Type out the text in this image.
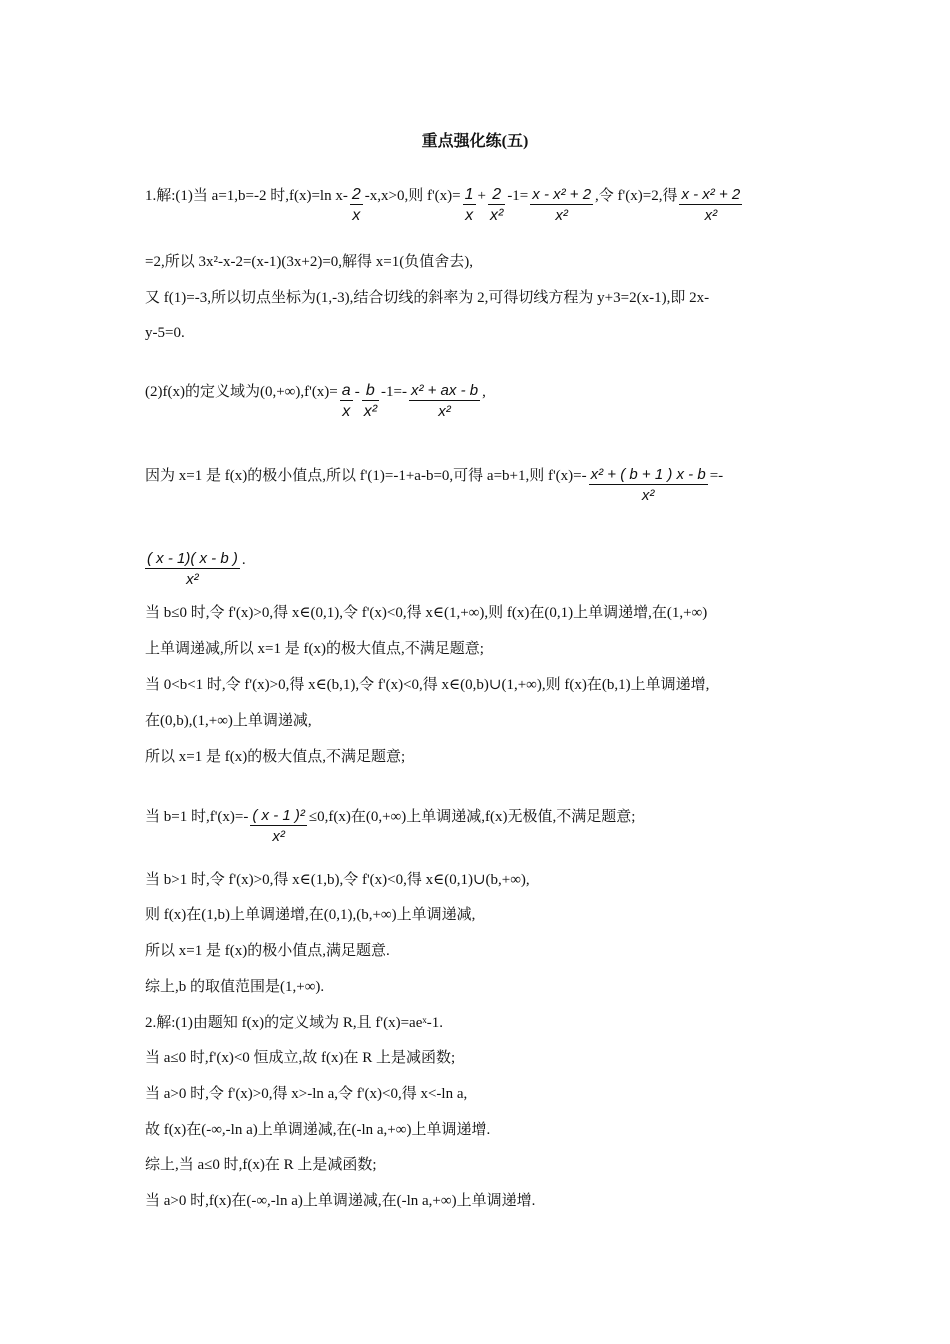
重点强化练(五)
1.解:(1)当 a=1,b=-2 时,f(x)=ln $x- \frac{2}{x} -x,x>0$,则 $f'(x)= \frac{1}{x} + \frac{2}{\text{x²}} -1= \frac{\text{x - x² + 2}}{\text{x²}}$ ,令 f'(x)=2,得 $\frac{\text{x - x² + 2}}{\text{x²}}$
=2,所以 3x²-x-2=(x-1)(3x+2)=0,解得 x=1(负值舍去),
又 f(1)=-3,所以切点坐标为(1,-3),结合切线的斜率为 2,可得切线方程为 y+3=2(x-1),即 2x-
y-5=0.
(2)f(x)的定义域为$(0,+\infty),f'(x)= \frac{a}{x} - \frac{b}{\text{x²}} -1=- \frac{\text{x² + ax - b}}{\text{x²}}$ ,
因为 x=1 是 f(x)的极小值点,所以 f'(1)=-1+a-b=0,可得 a=b+1,则 $f'(x)=- \frac{\text{x² + ( b + 1 ) x - b}}{\text{x²}}$ =-
$\frac{( x - 1)( x - b )}{\text{x²}}$ .
当 b≤0 时,令 f'(x)>0,得 x∈(0,1),令 f'(x)<0,得 x∈(1,+∞),则 f(x)在(0,1)上单调递增,在(1,+∞)
上单调递减,所以 x=1 是 f(x)的极大值点,不满足题意;
当 0<b<1 时,令 f'(x)>0,得 x∈(b,1),令 f'(x)<0,得 x∈(0,b)∪(1,+∞),则 f(x)在(b,1)上单调递增,
在(0,b),(1,+∞)上单调递减,
所以 x=1 是 f(x)的极大值点,不满足题意;
当 b=1 时$,f'(x)=- \frac{\text{( x - 1 )²}}{\text{x²}} \le 0,f(x)$在(0,+∞)上单调递减,f(x)无极值,不满足题意;
当 b>1 时,令 f'(x)>0,得 x∈(1,b),令 f'(x)<0,得 x∈(0,1)∪(b,+∞),
则 f(x)在(1,b)上单调递增,在(0,1),(b,+∞)上单调递减,
所以 x=1 是 f(x)的极小值点,满足题意.
综上,b 的取值范围是(1,+∞).
2.解:(1)由题知 f(x)的定义域为 R,且 f'(x)=aeˣ-1.
当 a≤0 时,f'(x)<0 恒成立,故 f(x)在 R 上是减函数;
当 a>0 时,令 f'(x)>0,得 x>-ln a,令 f'(x)<0,得 x<-ln a,
故 f(x)在(-∞,-ln a)上单调递减,在(-ln a,+∞)上单调递增.
综上,当 a≤0 时,f(x)在 R 上是减函数;
当 a>0 时,f(x)在(-∞,-ln a)上单调递减,在(-ln a,+∞)上单调递增.
